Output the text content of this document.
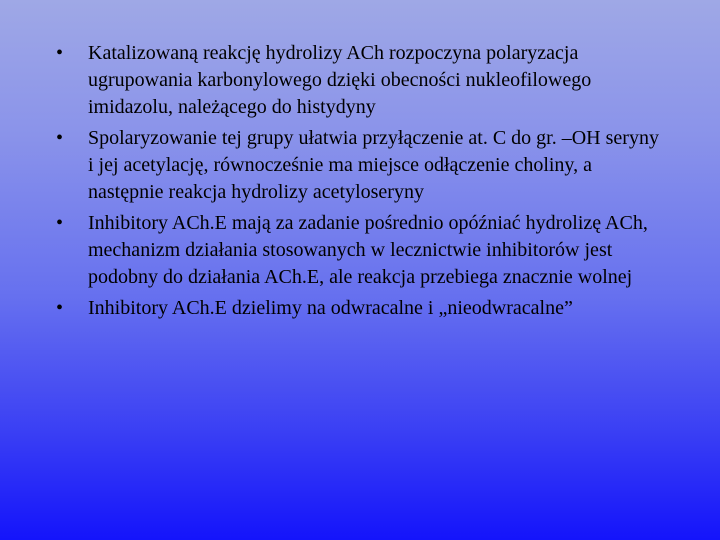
•	Katalizowaną reakcję hydrolizy ACh rozpoczyna polaryzacja ugrupowania karbonylowego dzięki obecności nukleofilowego imidazolu, należącego do histydyny
•	Spolaryzowanie tej grupy ułatwia przyłączenie at. C do gr. –OH seryny i jej acetylację, równocześnie ma miejsce odłączenie choliny, a następnie reakcja hydrolizy acetyloseryny
•	Inhibitory ACh.E mają za zadanie pośrednio opóźniać hydrolizę ACh, mechanizm działania stosowanych w lecznictwie inhibitorów jest podobny do działania ACh.E, ale reakcja przebiega znacznie wolnej
•	Inhibitory ACh.E dzielimy na odwracalne i „nieodwracalne”
